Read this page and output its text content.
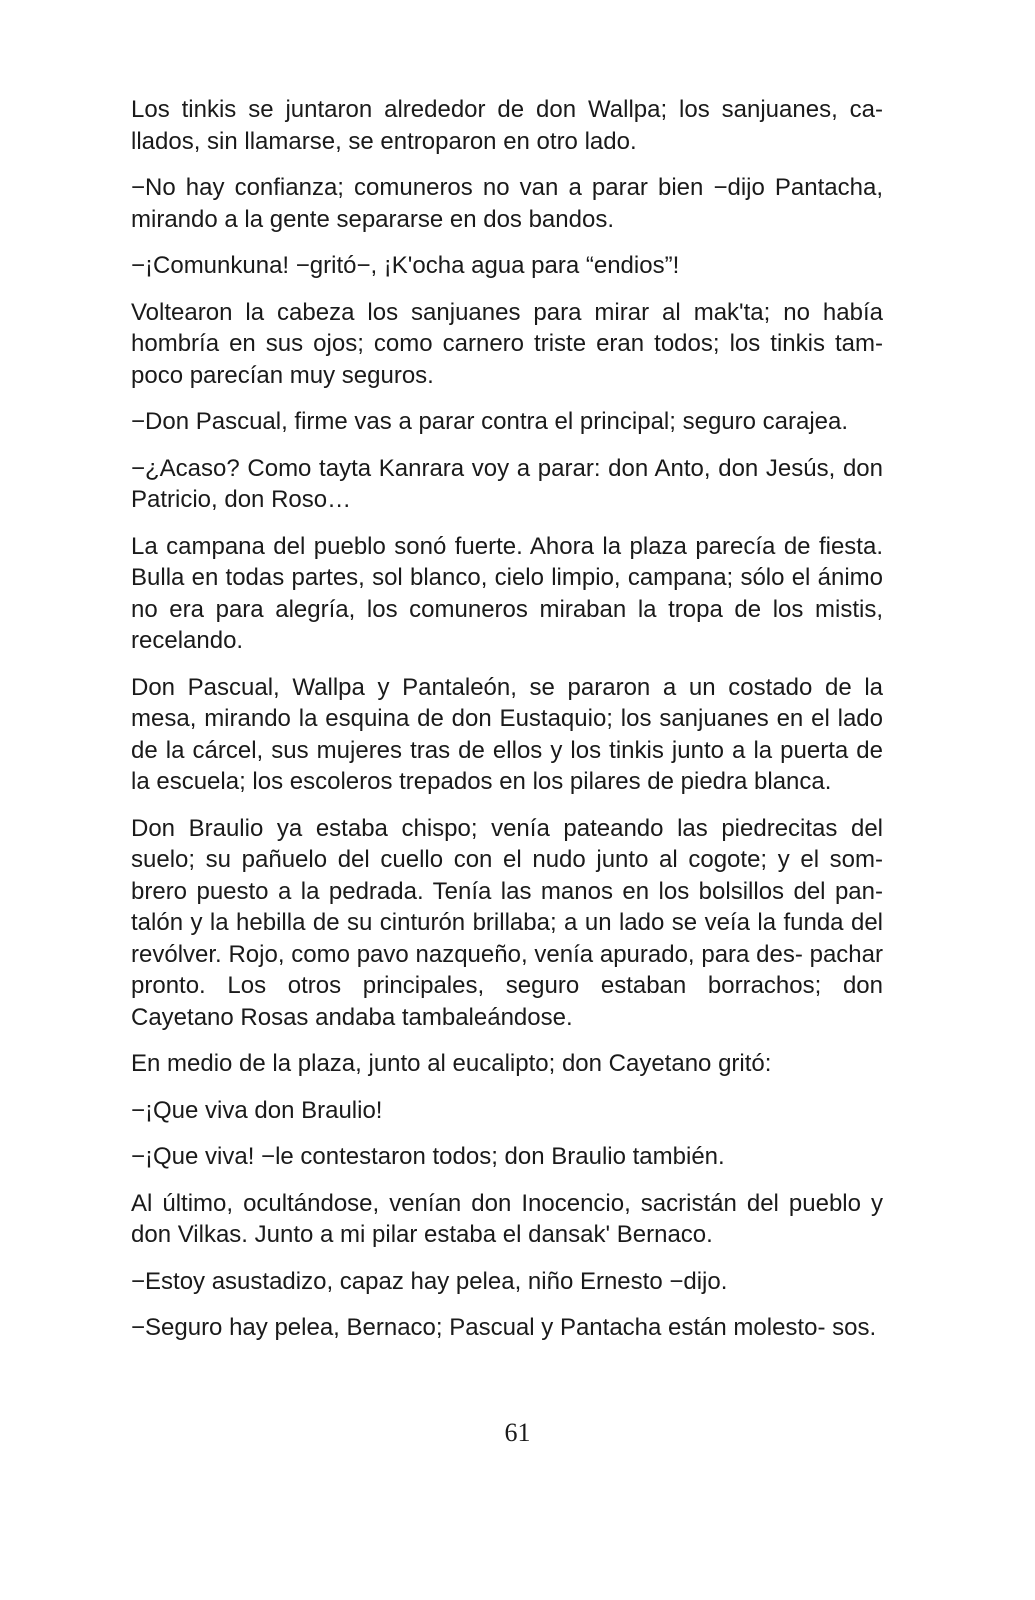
Los tinkis se juntaron alrededor de don Wallpa; los sanjuanes, ca- llados, sin llamarse, se entroparon en otro lado.

−No hay confianza; comuneros no van a parar bien −dijo Pantacha, mirando a la gente separarse en dos bandos.

−¡Comunkuna! −gritó−, ¡K'ocha agua para “endios”!

Voltearon la cabeza los sanjuanes para mirar al mak'ta; no había hombría en sus ojos; como carnero triste eran todos; los tinkis tam- poco parecían muy seguros.

−Don Pascual, firme vas a parar contra el principal; seguro carajea.

−¿Acaso? Como tayta Kanrara voy a parar: don Anto, don Jesús, don Patricio, don Roso…

La campana del pueblo sonó fuerte. Ahora la plaza parecía de fiesta. Bulla en todas partes, sol blanco, cielo limpio, campana; sólo el ánimo no era para alegría, los comuneros miraban la tropa de los mistis, recelando.

Don Pascual, Wallpa y Pantaleón, se pararon a un costado de la mesa, mirando la esquina de don Eustaquio; los sanjuanes en el lado de la cárcel, sus mujeres tras de ellos y los tinkis junto a la puerta de la escuela; los escoleros trepados en los pilares de piedra blanca.

Don Braulio ya estaba chispo; venía pateando las piedrecitas del suelo; su pañuelo del cuello con el nudo junto al cogote; y el som- brero puesto a la pedrada. Tenía las manos en los bolsillos del pan- talón y la hebilla de su cinturón brillaba; a un lado se veía la funda del revólver. Rojo, como pavo nazqueño, venía apurado, para des- pachar pronto. Los otros principales, seguro estaban borrachos; don Cayetano Rosas andaba tambaleándose.

En medio de la plaza, junto al eucalipto; don Cayetano gritó:

−¡Que viva don Braulio!

−¡Que viva! −le contestaron todos; don Braulio también.

Al último, ocultándose, venían don Inocencio, sacristán del pueblo y don Vilkas. Junto a mi pilar estaba el dansak' Bernaco.

−Estoy asustadizo, capaz hay pelea, niño Ernesto −dijo.

−Seguro hay pelea, Bernaco; Pascual y Pantacha están molesto- sos.

61
